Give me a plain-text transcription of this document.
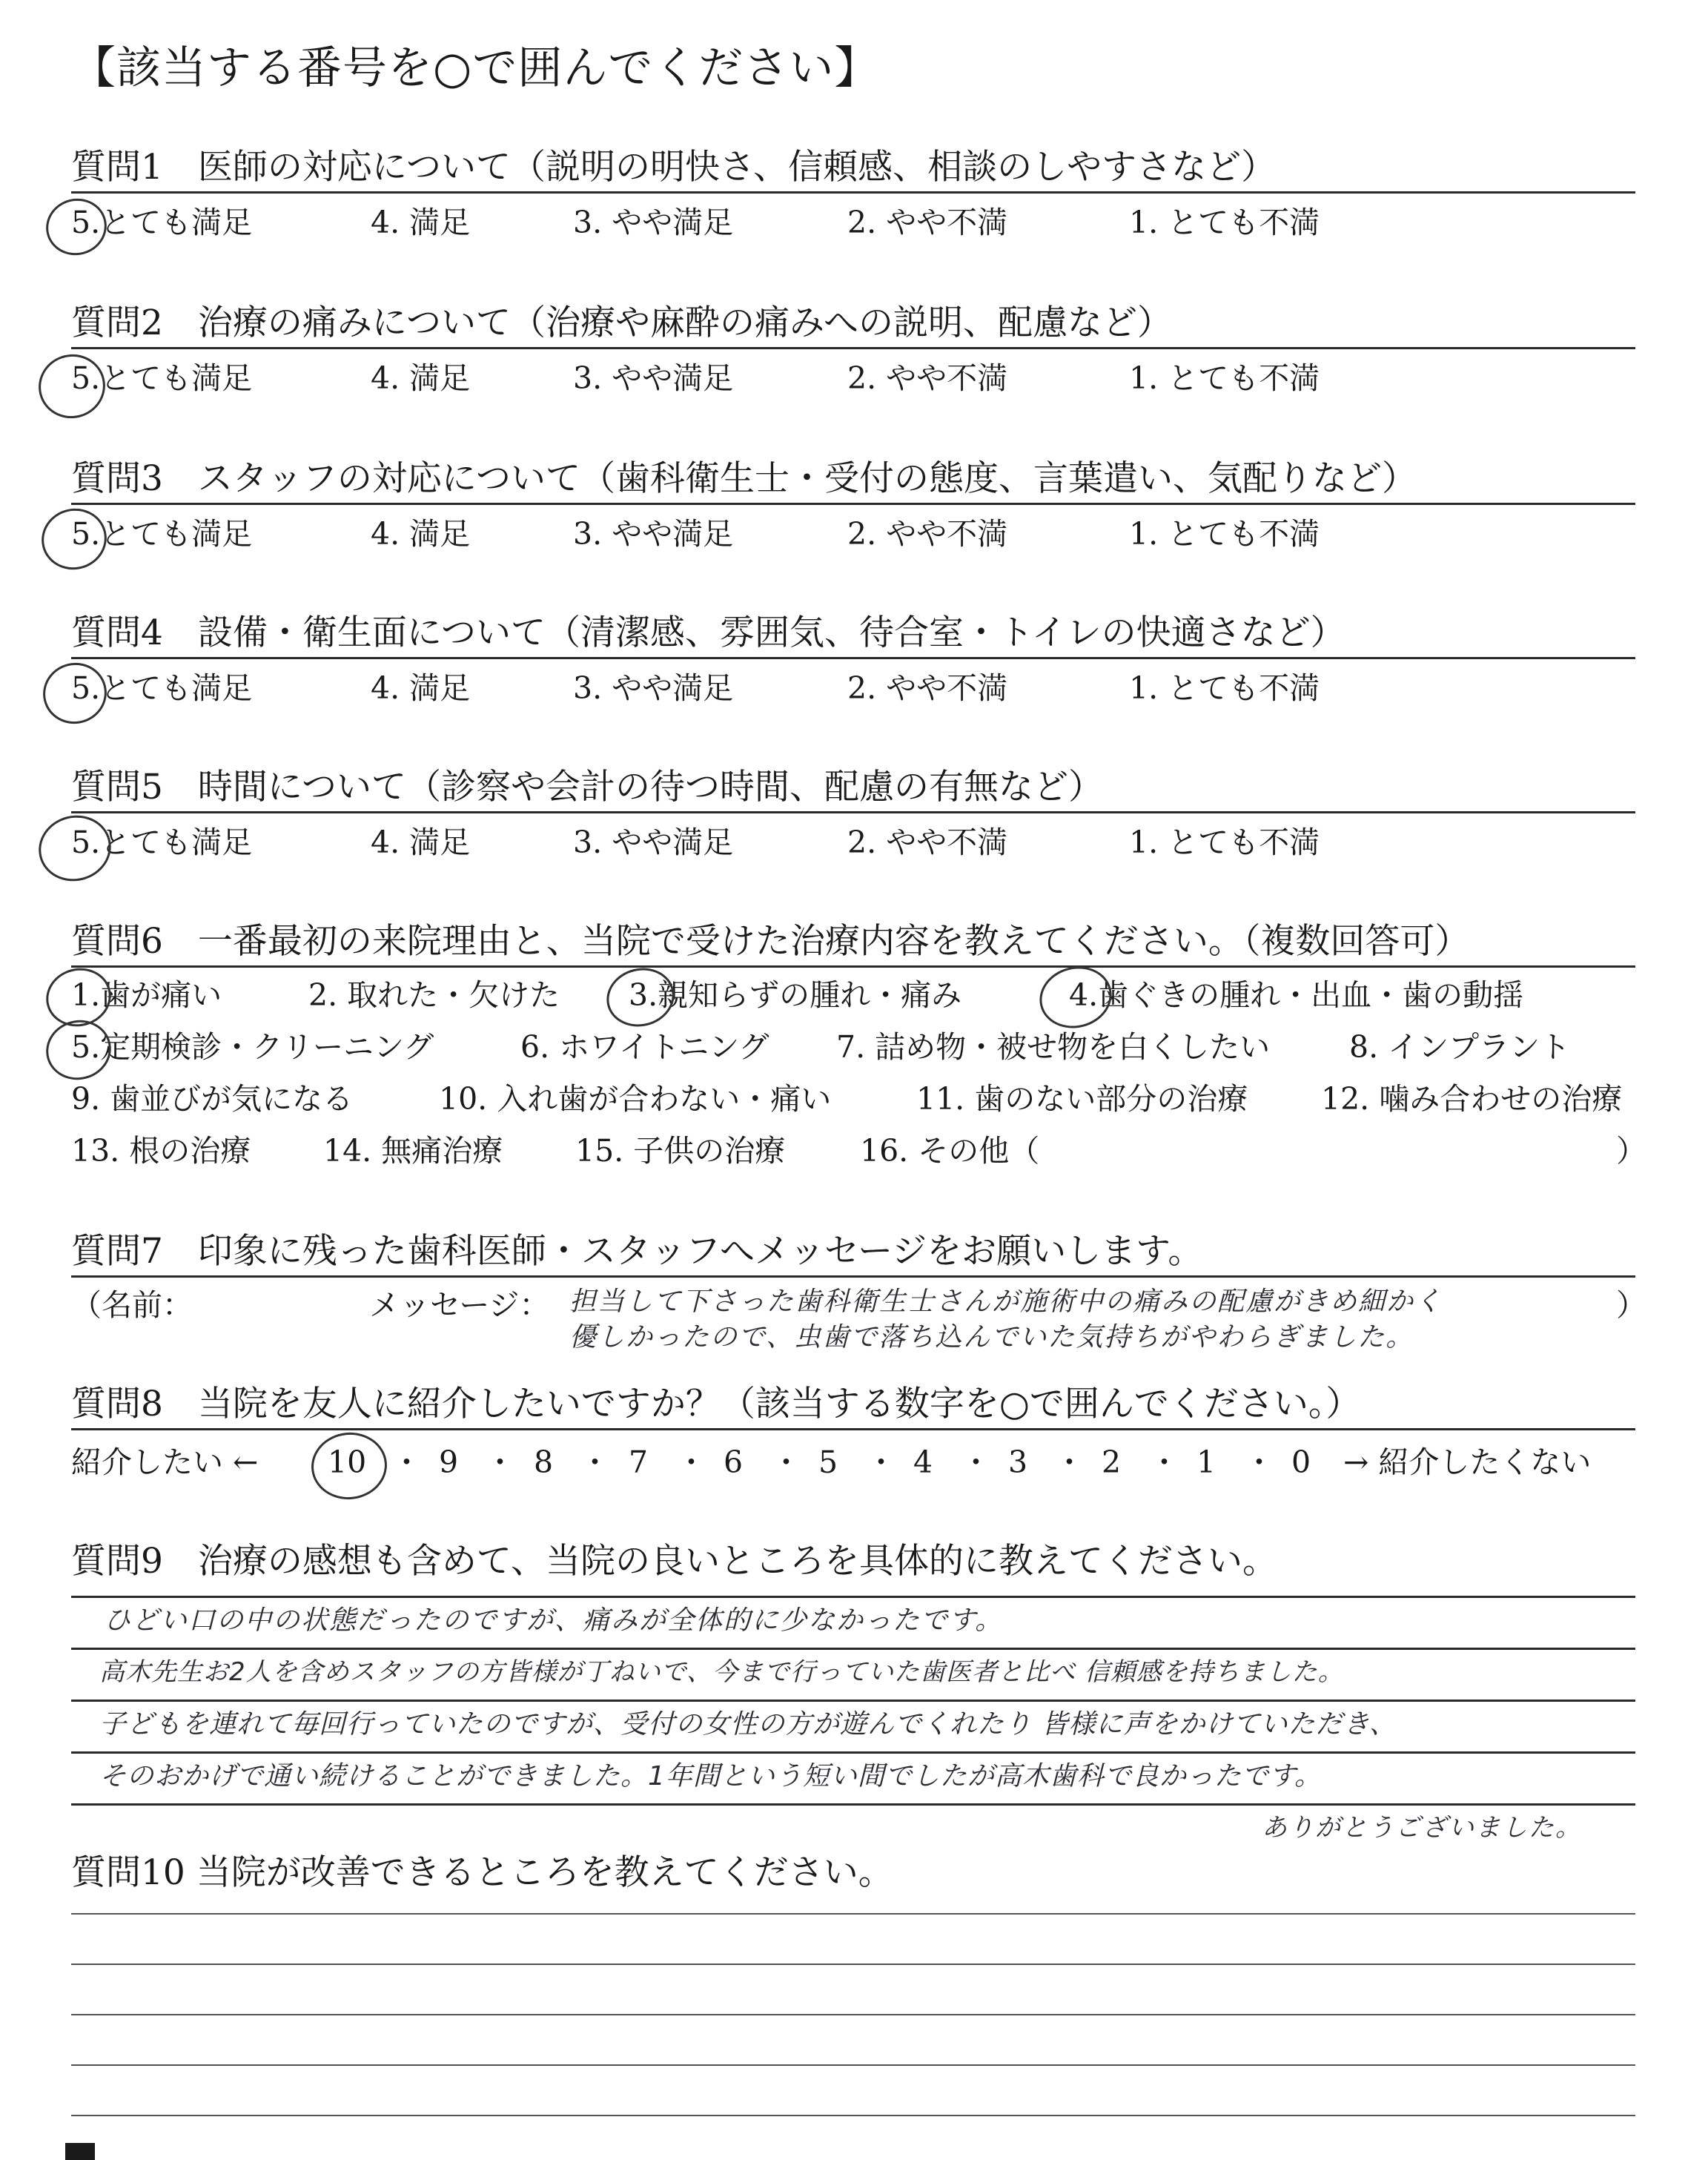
【該当する番号を○で囲んでください】
質問1　医師の対応について（説明の明快さ、信頼感、相談のしやすさなど）
5.とても満足	4. 満足	3. やや満足	2. やや不満	1. とても不満
質問2　治療の痛みについて（治療や麻酔の痛みへの説明、配慮など）
5.とても満足	4. 満足	3. やや満足	2. やや不満	1. とても不満
質問3　スタッフの対応について（歯科衛生士・受付の態度、言葉遣い、気配りなど）
5.とても満足	4. 満足	3. やや満足	2. やや不満	1. とても不満
質問4　設備・衛生面について（清潔感、雰囲気、待合室・トイレの快適さなど）
5.とても満足	4. 満足	3. やや満足	2. やや不満	1. とても不満
質問5　時間について（診察や会計の待つ時間、配慮の有無など）
5.とても満足	4. 満足	3. やや満足	2. やや不満	1. とても不満
質問6　一番最初の来院理由と、当院で受けた治療内容を教えてください。（複数回答可）
1.歯が痛い	2. 取れた・欠けた 3.親知らずの腫れ・痛み	4.歯ぐきの腫れ・出血・歯の動揺
5.定期検診・クリーニング	6. ホワイトニング 7. 詰め物・被せ物を白くしたい	8. インプラント
9. 歯並びが気になる	10. 入れ歯が合わない・痛い	11. 歯のない部分の治療 12. 噛み合わせの治療
13. 根の治療 14. 無痛治療 15. 子供の治療 16. その他（	）
質問7　印象に残った歯科医師・スタッフへメッセージをお願いします。
（名前：	メッセージ： 担当して下さった歯科衛生士さんが施術中の痛みの配慮がきめ細かく
優しかったので、虫歯で落ち込んでいた気持ちがやわらぎました。
）
質問8　当院を友人に紹介したいですか？（該当する数字を○で囲んでください。）
紹介したい ← 10 ・ 9 ・ 8 ・ 7 ・ 6 ・ 5 ・ 4 ・ 3 ・ 2 ・ 1 ・ 0 → 紹介したくない
質問9　治療の感想も含めて、当院の良いところを具体的に教えてください。
ひどい口の中の状態だったのですが、痛みが全体的に少なかったです。
高木先生お2人を含めスタッフの方皆様が丁ねいで、今まで行っていた歯医者と比べ 信頼感を持ちました。
子どもを連れて毎回行っていたのですが、受付の女性の方が遊んでくれたり 皆様に声をかけていただき、
そのおかげで通い続けることができました。1年間という短い間でしたが高木歯科で良かったです。
ありがとうございました。
質問10 当院が改善できるところを教えてください。
